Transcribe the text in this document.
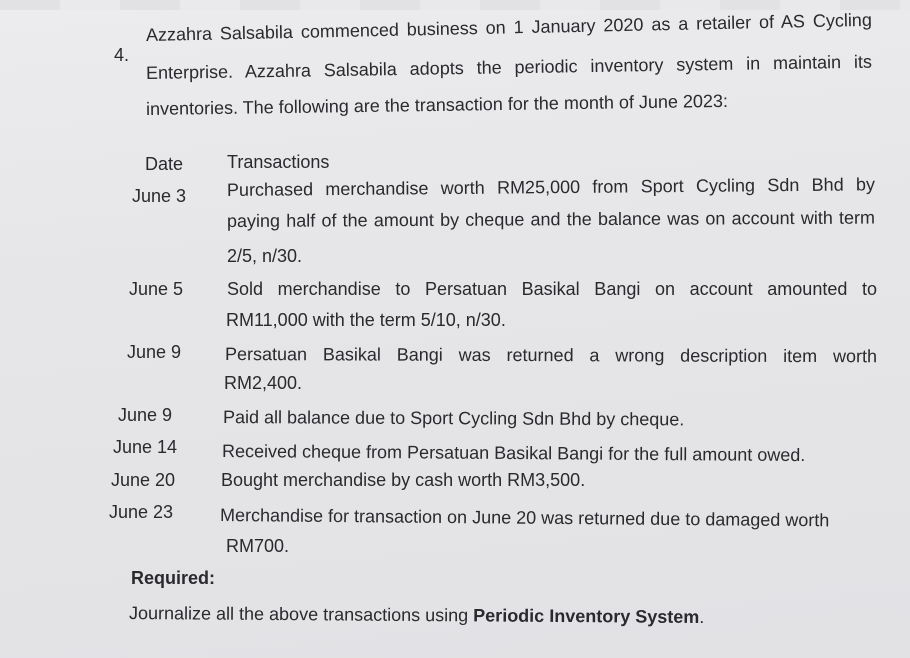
4.
Azzahra Salsabila commenced business on 1 January 2020 as a retailer of AS Cycling
Enterprise. Azzahra Salsabila adopts the periodic inventory system in maintain its
inventories. The following are the transaction for the month of June 2023:
Date Transactions
June 3 Purchased merchandise worth RM25,000 from Sport Cycling Sdn Bhd by
paying half of the amount by cheque and the balance was on account with term
2/5, n/30.
June 5 Sold merchandise to Persatuan Basikal Bangi on account amounted to
RM11,000 with the term 5/10, n/30.
June 9 Persatuan Basikal Bangi was returned a wrong description item worth
RM2,400.
June 9	Paid all balance due to Sport Cycling Sdn Bhd by cheque.
June 14 Received cheque from Persatuan Basikal Bangi for the full amount owed.
June 20	Bought merchandise by cash worth RM3,500.
June 23	Merchandise for transaction on June 20 was returned due to damaged worth
RM700.
Required:
Journalize all the above transactions using Periodic Inventory System.
